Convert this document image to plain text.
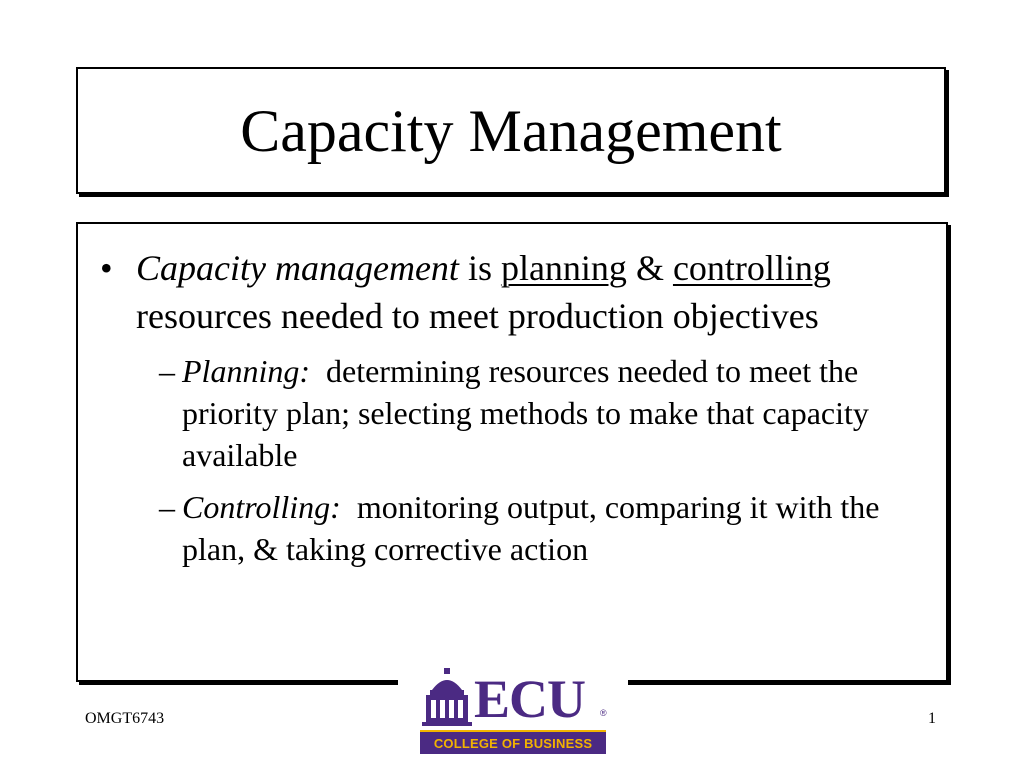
Capacity Management
• Capacity management is planning & controlling resources needed to meet production objectives
– Planning:  determining resources needed to meet the priority plan; selecting methods to make that capacity available
– Controlling:  monitoring output, comparing it with the plan, & taking corrective action
ECU ®
COLLEGE OF BUSINESS
OMGT6743	1
